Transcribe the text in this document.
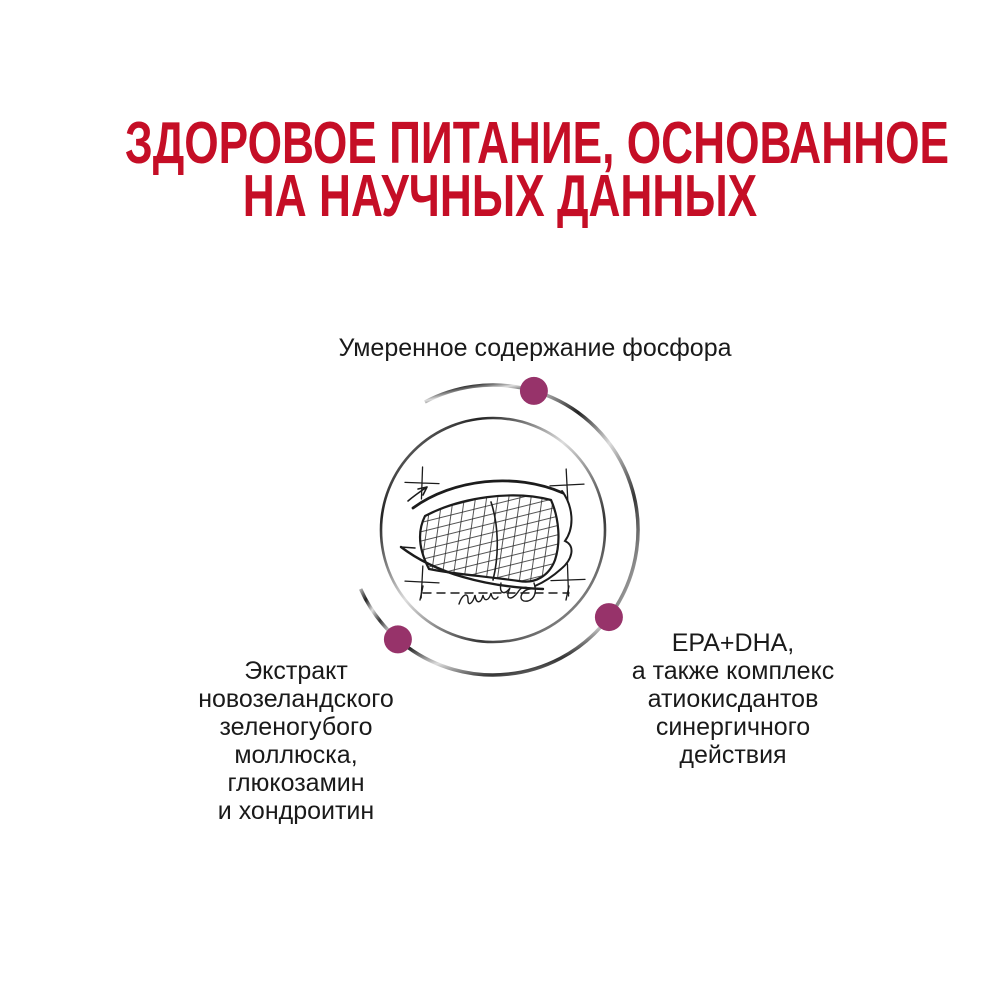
ЗДОРОВОЕ ПИТАНИЕ, ОСНОВАННОЕ
НА НАУЧНЫХ ДАННЫХ
Умеренное содержание фосфора
Экстракт
новозеландского
зеленогубого
моллюска,
глюкозамин
и хондроитин
EPA+DHA,
а также комплекс
атиокисдантов
синергичного
действия
